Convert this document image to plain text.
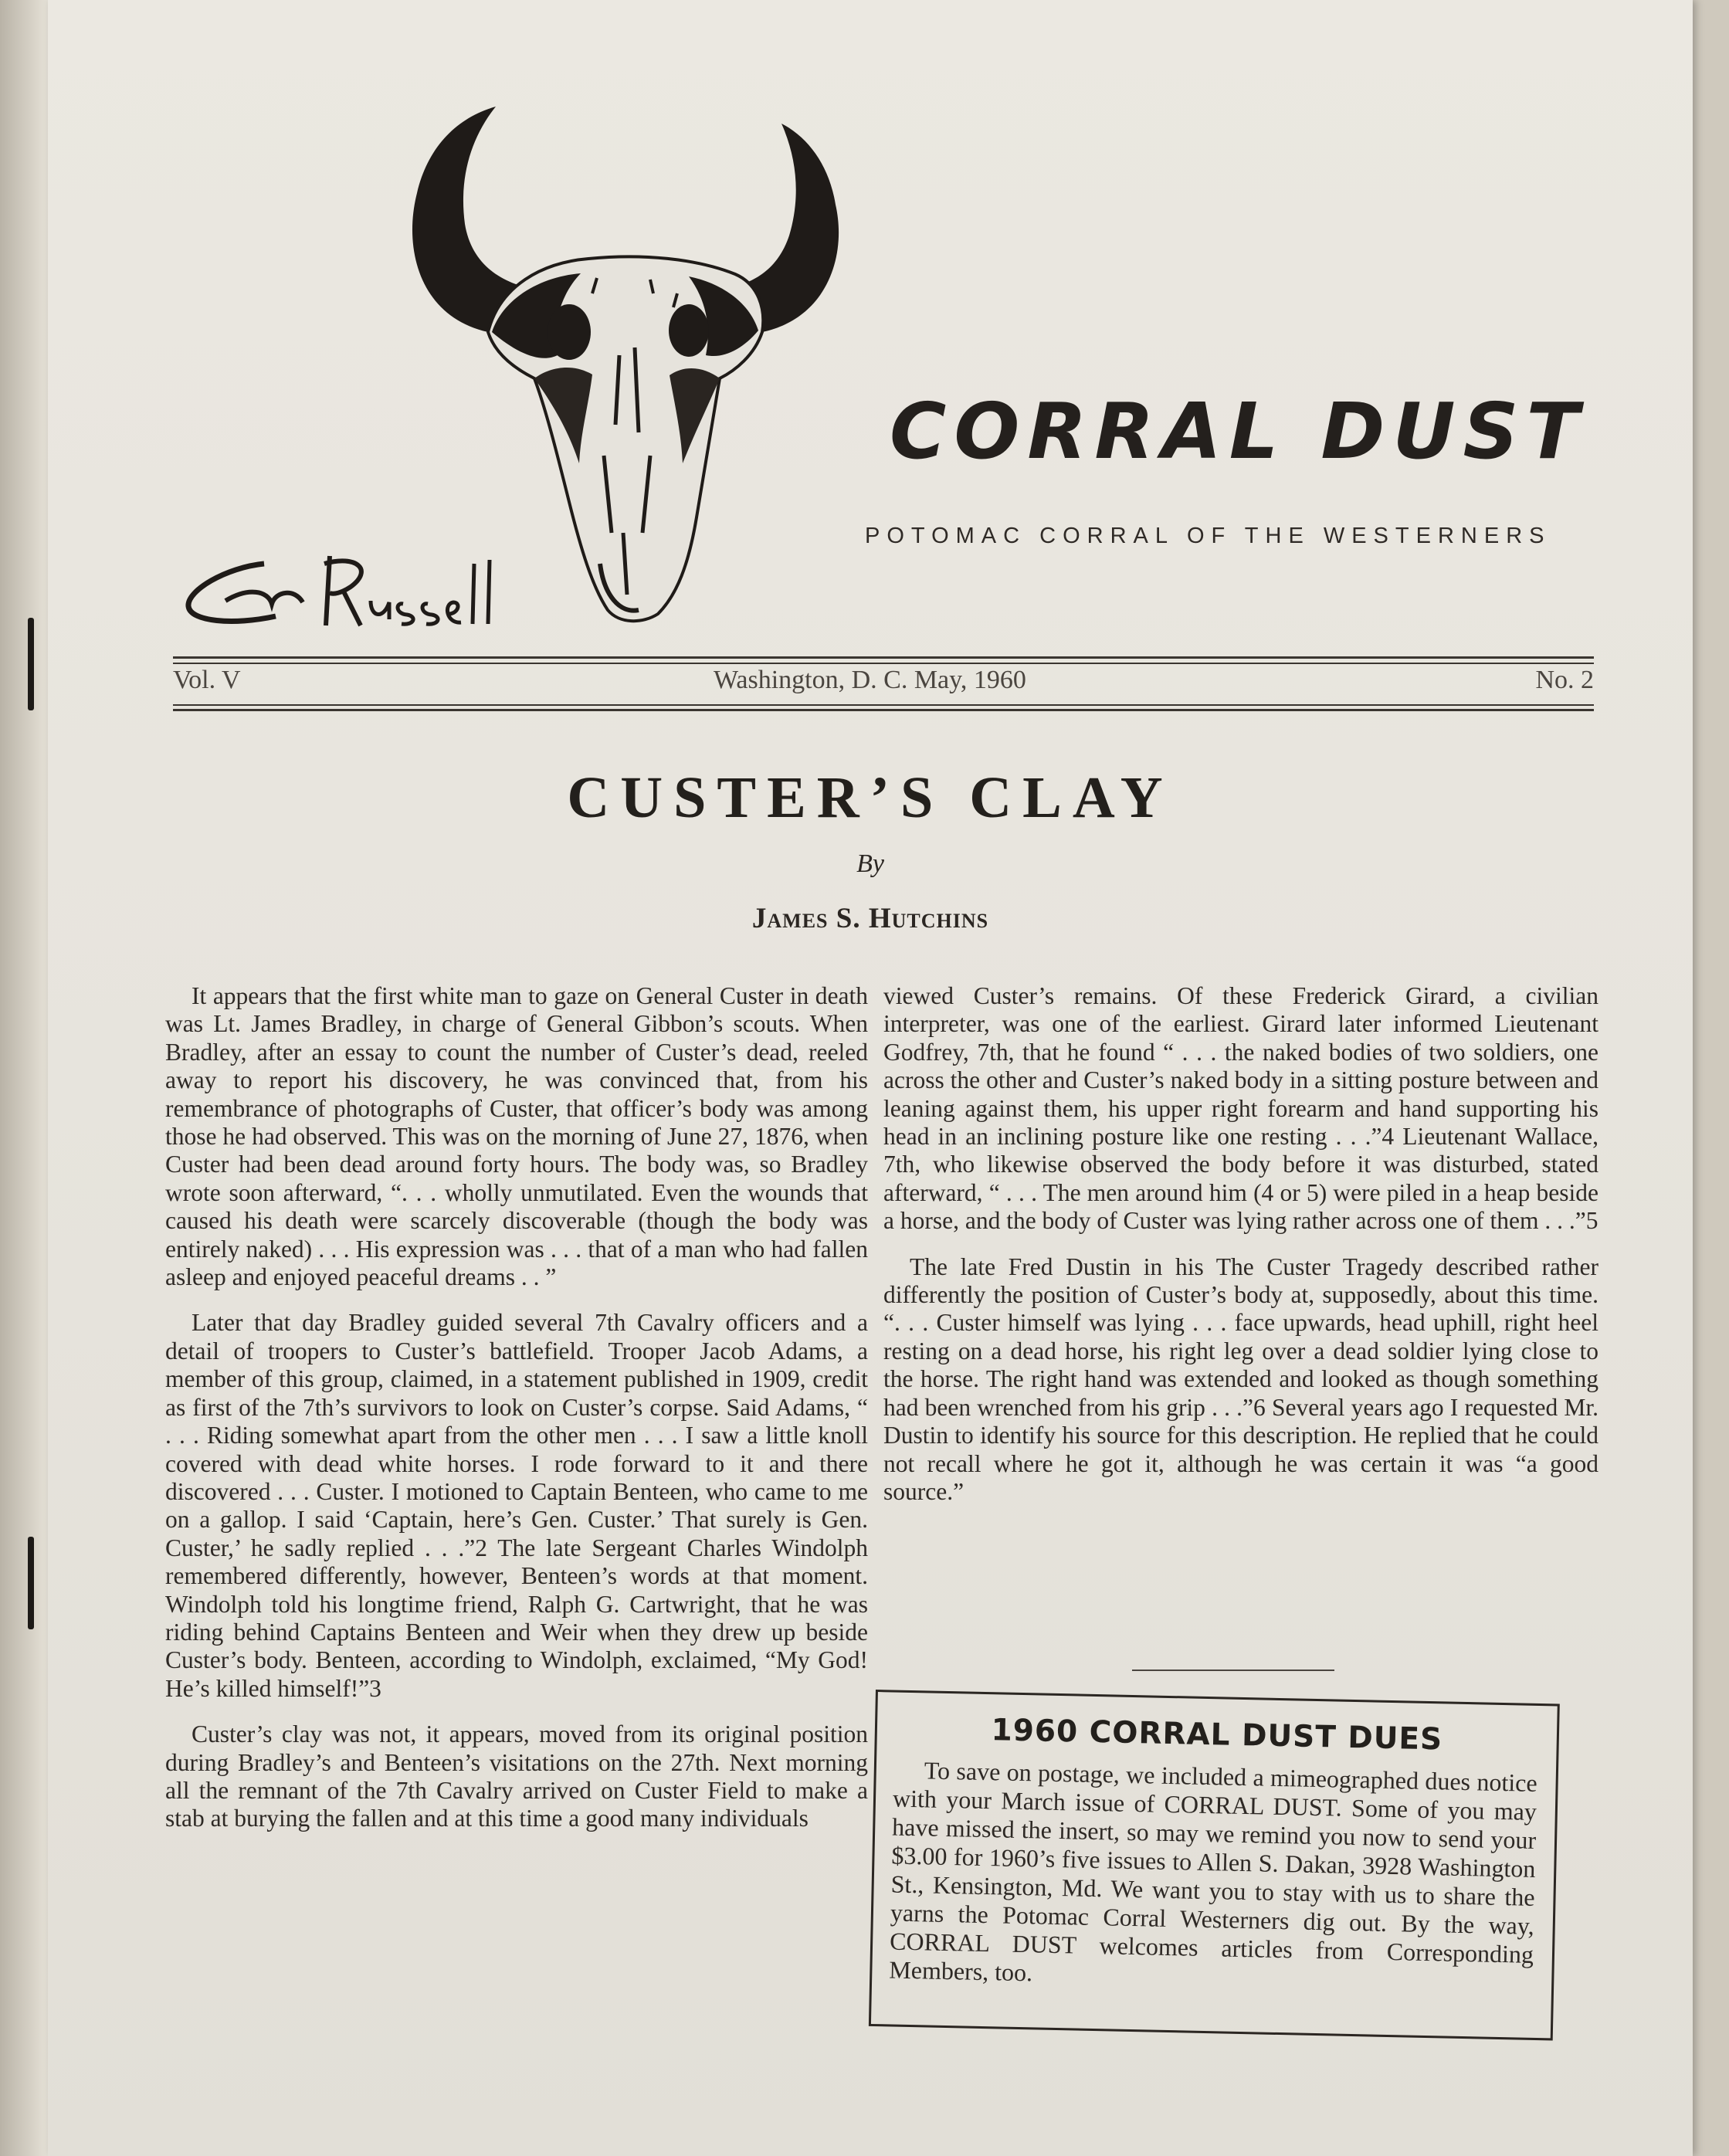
CORRAL DUST
POTOMAC CORRAL OF THE WESTERNERS
Vol. V	Washington, D. C. May, 1960	No. 2
CUSTER’S CLAY
By
James S. Hutchins

It appears that the first white man to gaze on General Custer in death was Lt. James Bradley, in charge of General Gibbon’s scouts. When Bradley, after an essay to count the number of Custer’s dead, reeled away to report his discovery, he was convinced that, from his remembrance of photographs of Custer, that officer’s body was among those he had observed. This was on the morning of June 27, 1876, when Custer had been dead around forty hours. The body was, so Bradley wrote soon afterward, “. . . wholly unmutilated. Even the wounds that caused his death were scarcely discoverable (though the body was entirely naked) . . . His expression was . . . that of a man who had fallen asleep and enjoyed peaceful dreams . . ”

Later that day Bradley guided several 7th Cavalry officers and a detail of troopers to Custer’s battlefield. Trooper Jacob Adams, a member of this group, claimed, in a statement published in 1909, credit as first of the 7th’s survivors to look on Custer’s corpse. Said Adams, “ . . . Riding somewhat apart from the other men . . . I saw a little knoll covered with dead white horses. I rode forward to it and there discovered . . . Custer. I motioned to Captain Benteen, who came to me on a gallop. I said ‘Captain, here’s Gen. Custer.’ That surely is Gen. Custer,’ he sadly replied . . .”2 The late Sergeant Charles Windolph remembered differently, however, Benteen’s words at that moment. Windolph told his longtime friend, Ralph G. Cartwright, that he was riding behind Captains Benteen and Weir when they drew up beside Custer’s body. Benteen, according to Windolph, exclaimed, “My God! He’s killed himself!”3

Custer’s clay was not, it appears, moved from its original position during Bradley’s and Benteen’s visitations on the 27th. Next morning all the remnant of the 7th Cavalry arrived on Custer Field to make a stab at burying the fallen and at this time a good many individuals

viewed Custer’s remains. Of these Frederick Girard, a civilian interpreter, was one of the earliest. Girard later informed Lieutenant Godfrey, 7th, that he found “ . . . the naked bodies of two soldiers, one across the other and Custer’s naked body in a sitting posture between and leaning against them, his upper right forearm and hand supporting his head in an inclining posture like one resting . . .”4 Lieutenant Wallace, 7th, who likewise observed the body before it was disturbed, stated afterward, “ . . . The men around him (4 or 5) were piled in a heap beside a horse, and the body of Custer was lying rather across one of them . . .”5

The late Fred Dustin in his The Custer Tragedy described rather differently the position of Custer’s body at, supposedly, about this time. “. . . Custer himself was lying . . . face upwards, head uphill, right heel resting on a dead horse, his right leg over a dead soldier lying close to the horse. The right hand was extended and looked as though something had been wrenched from his grip . . .”6 Several years ago I requested Mr. Dustin to identify his source for this description. He replied that he could not recall where he got it, although he was certain it was “a good source.”

1960 CORRAL DUST DUES

To save on postage, we included a mimeographed dues notice with your March issue of CORRAL DUST. Some of you may have missed the insert, so may we remind you now to send your $3.00 for 1960’s five issues to Allen S. Dakan, 3928 Washington St., Kensington, Md. We want you to stay with us to share the yarns the Potomac Corral Westerners dig out. By the way, CORRAL DUST welcomes articles from Corresponding Members, too.
